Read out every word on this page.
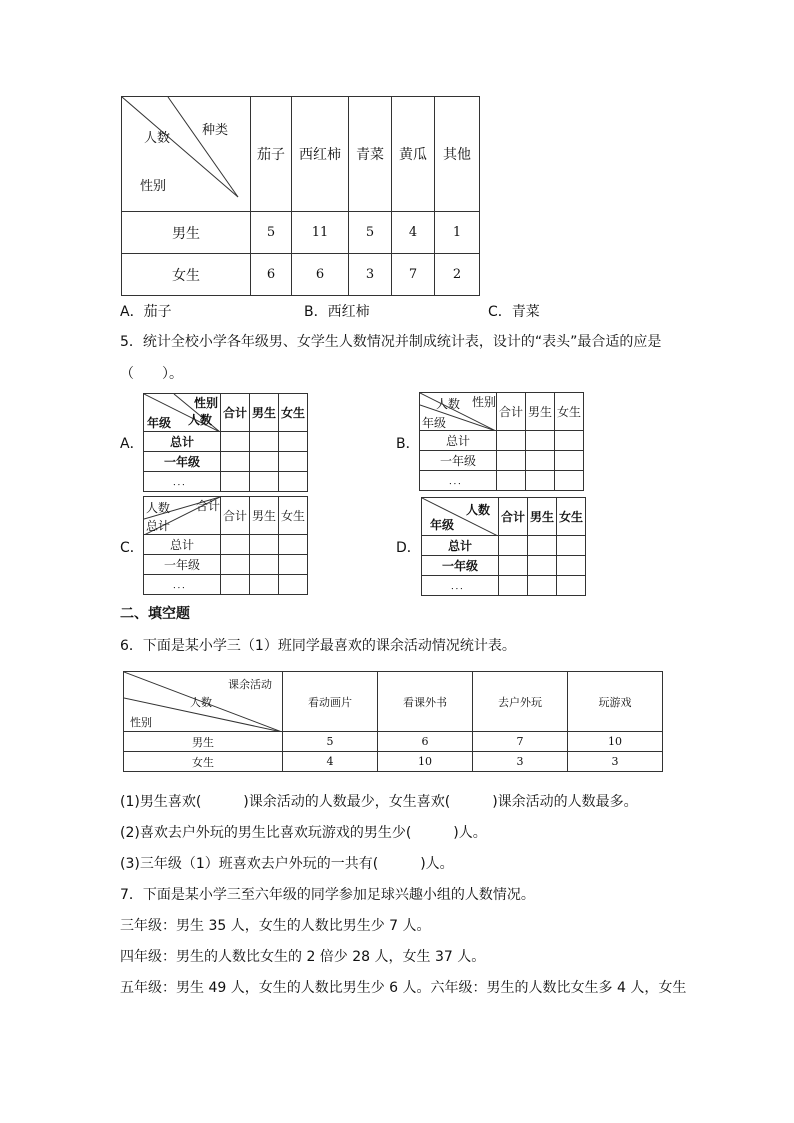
种类
人数
性别	茄子	西红柿	青菜	黄瓜	其他
男生	5	11	5	4	1
女生	6	6	3	7	2
A．茄子	B．西红柿	C．青菜
5．统计全校小学各年级男、女学生人数情况并制成统计表，设计的“表头”最合适的应是
（　　）。
A．
性别
人数
年级	合计	男生	女生
总计			
一年级			
．．．			
B．
性别
人数
年级	合计	男生	女生
总计			
一年级			
．．．			
C．
合计
人数
总计	合计	男生	女生
总计			
一年级			
．．．			
D．
人数
年级	合计	男生	女生
总计			
一年级			
．．．			
二、填空题
6．下面是某小学三（1）班同学最喜欢的课余活动情况统计表。
课余活动
人数
性别	看动画片	看课外书	去户外玩	玩游戏
男生	5	6	7	10
女生	4	10	3	3
(1)男生喜欢(　　　)课余活动的人数最少，女生喜欢(　　　)课余活动的人数最多。
(2)喜欢去户外玩的男生比喜欢玩游戏的男生少(　　　)人。
(3)三年级（1）班喜欢去户外玩的一共有(　　　)人。
7．下面是某小学三至六年级的同学参加足球兴趣小组的人数情况。
三年级：男生 35 人，女生的人数比男生少 7 人。
四年级：男生的人数比女生的 2 倍少 28 人，女生 37 人。
五年级：男生 49 人，女生的人数比男生少 6 人。六年级：男生的人数比女生多 4 人，女生
